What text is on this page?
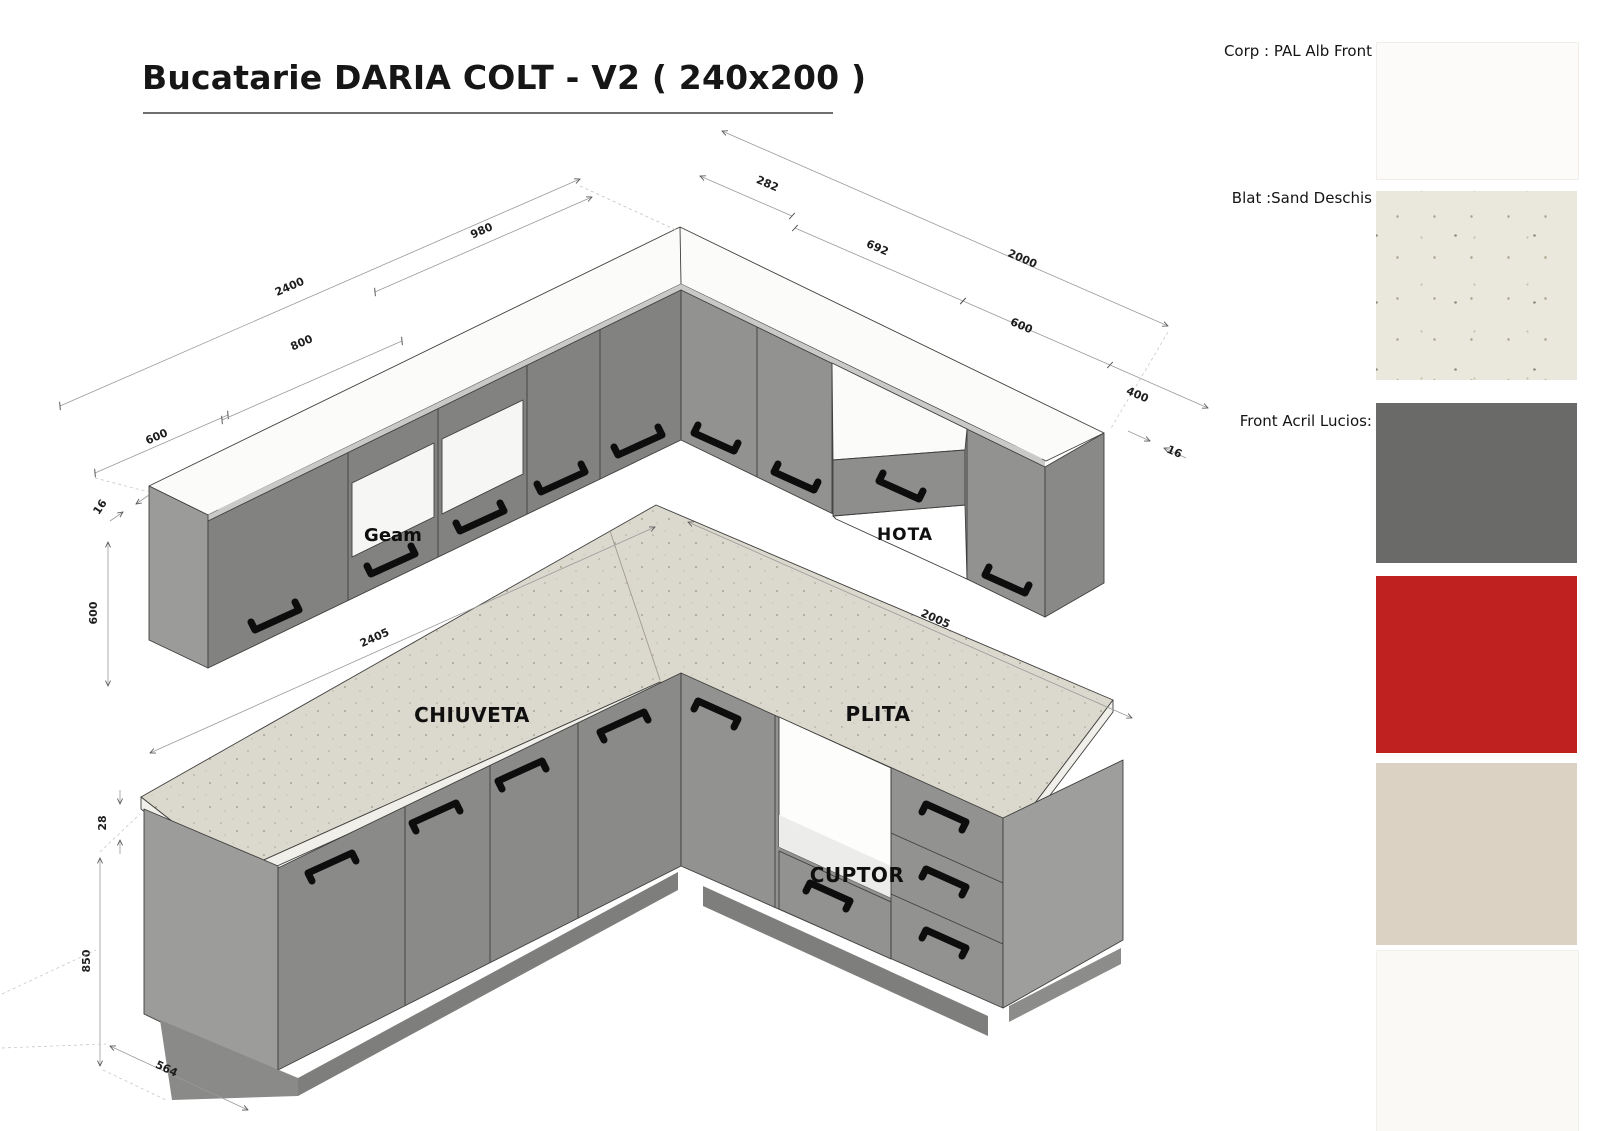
Bucatarie DARIA COLT - V2 ( 240x200 )
Corp : PAL Alb Front
Blat :Sand Deschis
Front Acril Lucios:
Geam	HOTA
600
800
980
2400
16
600
282
692
600
400
2000
16
CHIUVETA	PLITA
CUPTOR
2405
2005
28
850
564
